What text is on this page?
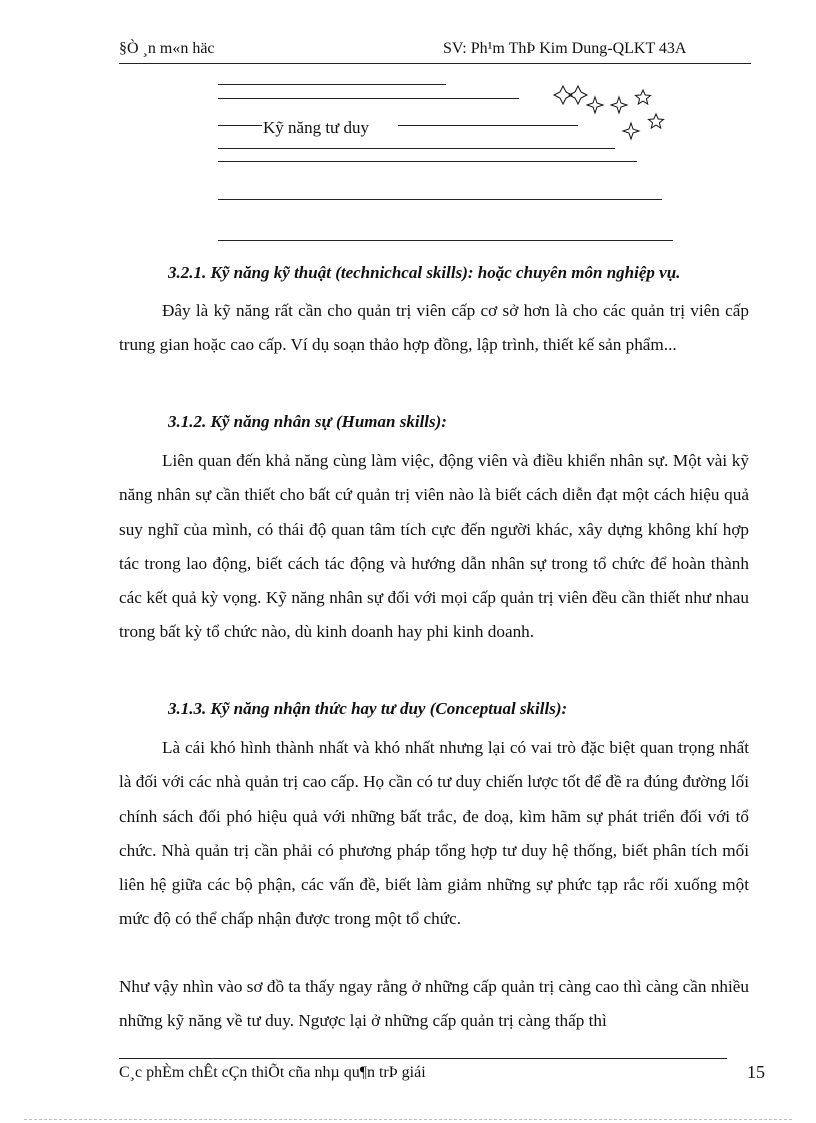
§Ò ¸n m«n häc	SV: Ph¹m ThÞ Kim Dung-QLKT 43A
Kỹ năng tư duy
3.2.1. Kỹ năng kỹ thuật (technichcal skills): hoặc chuyên môn nghiệp vụ.

Đây là kỹ năng rất cần cho quản trị viên cấp cơ sở hơn là cho các quản trị viên cấp trung gian hoặc cao cấp. Ví dụ soạn thảo hợp đồng, lập trình, thiết kế sản phẩm...

3.1.2. Kỹ năng nhân sự (Human skills):

Liên quan đến khả năng cùng làm việc, động viên và điều khiển nhân sự. Một vài kỹ năng nhân sự cần thiết cho bất cứ quản trị viên nào là biết cách diễn đạt một cách hiệu quả suy nghĩ của mình, có thái độ quan tâm tích cực đến người khác, xây dựng không khí hợp tác trong lao động, biết cách tác động và hướng dẫn nhân sự trong tổ chức để hoàn thành các kết quả kỳ vọng. Kỹ năng nhân sự đối với mọi cấp quản trị viên đều cần thiết như nhau trong bất kỳ tổ chức nào, dù kinh doanh hay phi kinh doanh.

3.1.3. Kỹ năng nhận thức hay tư duy (Conceptual skills):

Là cái khó hình thành nhất và khó nhất nhưng lại có vai trò đặc biệt quan trọng nhất là đối với các nhà quản trị cao cấp. Họ cần có tư duy chiến lược tốt để đề ra đúng đường lối chính sách đối phó hiệu quả với những bất trắc, đe doạ, kìm hãm sự phát triển đối với tổ chức. Nhà quản trị cần phải có phương pháp tổng hợp tư duy hệ thống, biết phân tích mối liên hệ giữa các bộ phận, các vấn đề, biết làm giảm những sự phức tạp rắc rối xuống một mức độ có thể chấp nhận được trong một tổ chức.

Như vậy nhìn vào sơ đồ ta thấy ngay rằng ở những cấp quản trị càng cao thì càng cần nhiều những kỹ năng về tư duy. Ngược lại ở những cấp quản trị càng thấp thì

C¸c phÈm chÊt cÇn thiÕt cña nhµ qu¶n trÞ giái	15
